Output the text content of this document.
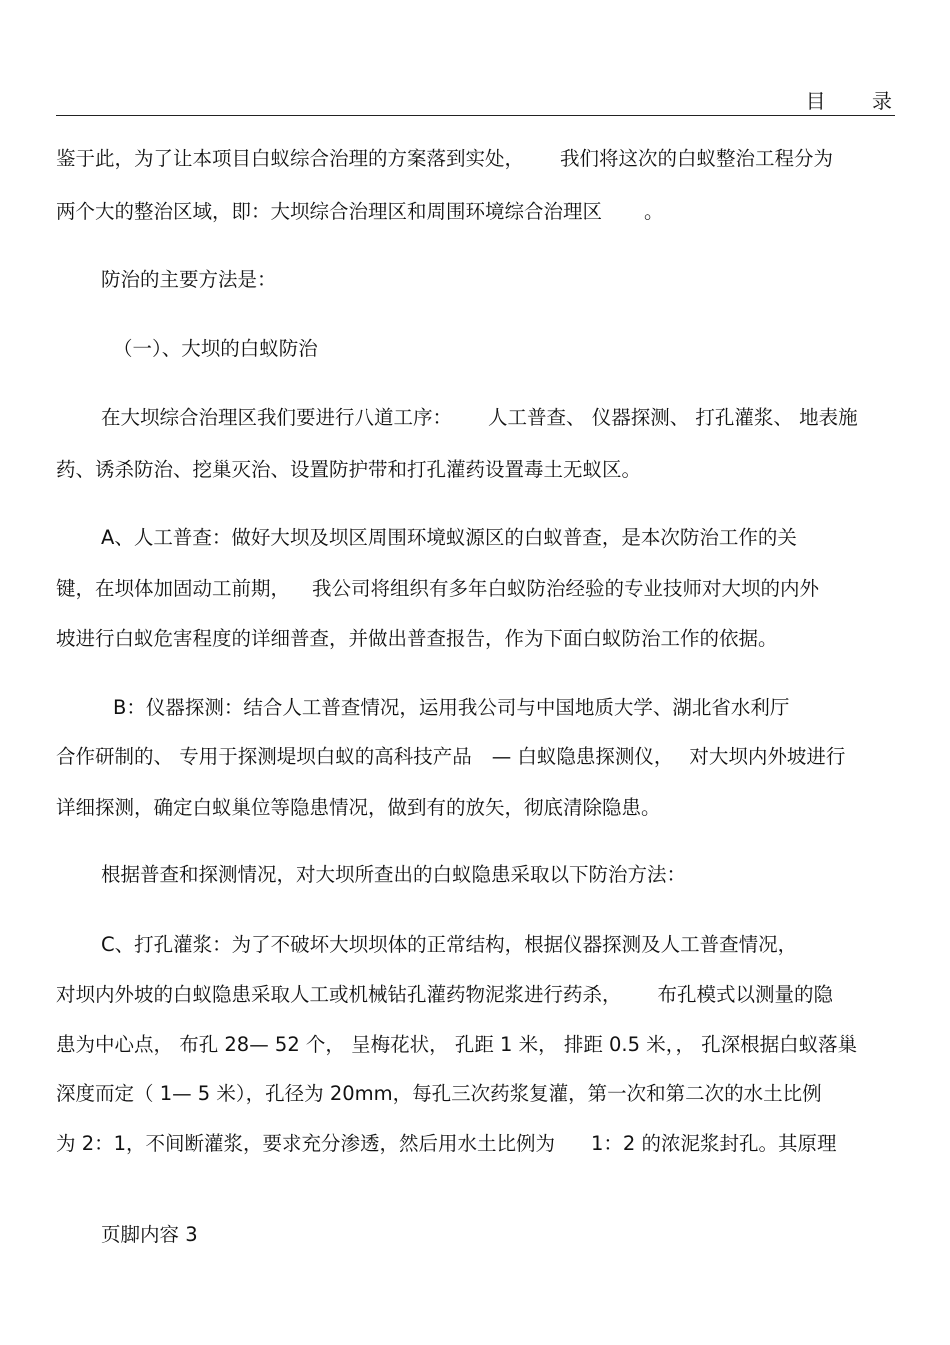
目 录
鉴于此，为了让本项目白蚁综合治理的方案落到实处， 我们将这次的白蚁整治工程分为
两个大的整治区域，即：大坝综合治理区和周围环境综合治理区 。
防治的主要方法是：
（一）、大坝的白蚁防治
在大坝综合治理区我们要进行八道工序： 人工普查、 仪器探测、 打孔灌浆、 地表施
药、诱杀防治、挖巢灭治、设置防护带和打孔灌药设置毒土无蚁区。
A、人工普查：做好大坝及坝区周围环境蚁源区的白蚁普查，是本次防治工作的关
键，在坝体加固动工前期， 我公司将组织有多年白蚁防治经验的专业技师对大坝的内外
坡进行白蚁危害程度的详细普查，并做出普查报告，作为下面白蚁防治工作的依据。
B：仪器探测：结合人工普查情况，运用我公司与中国地质大学、湖北省水利厅
合作研制的、 专用于探测堤坝白蚁的高科技产品 — 白蚁隐患探测仪， 对大坝内外坡进行
详细探测，确定白蚁巢位等隐患情况，做到有的放矢，彻底清除隐患。
根据普查和探测情况，对大坝所查出的白蚁隐患采取以下防治方法：
C、打孔灌浆：为了不破坏大坝坝体的正常结构，根据仪器探测及人工普查情况，
对坝内外坡的白蚁隐患采取人工或机械钻孔灌药物泥浆进行药杀， 布孔模式以测量的隐
患为中心点， 布孔 28— 52 个， 呈梅花状， 孔距 1 米， 排距 0.5 米，， 孔深根据白蚁落巢
深度而定（ 1— 5 米），孔径为 20mm，每孔三次药浆复灌，第一次和第二次的水土比例
为 2：1，不间断灌浆，要求充分渗透，然后用水土比例为 1：2 的浓泥浆封孔。其原理
页脚内容 3
